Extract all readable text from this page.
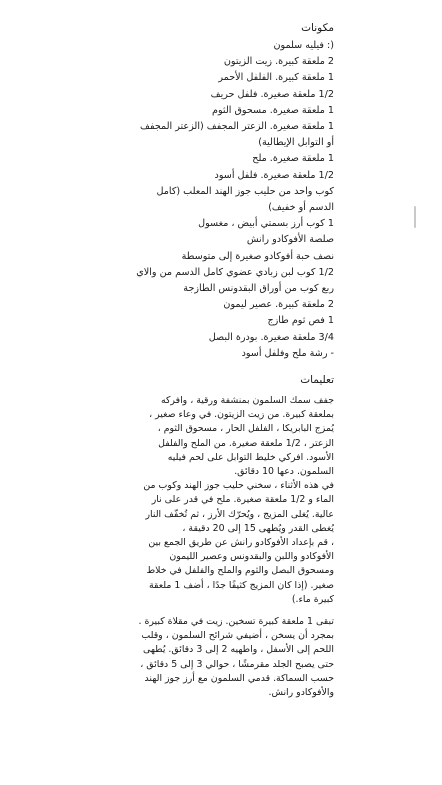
مكونات
(: فيليه سلمون
2 ملعقة كبيرة. زيت الزيتون
1 ملعقة كبيرة. الفلفل الأحمر
1/2 ملعقة صغيرة. فلفل حريف
1 ملعقة صغيرة. مسحوق الثوم
1 ملعقة صغيرة. الزعتر المجفف (الزعتر المجفف
أو التوابل الإيطالية)
1 ملعقة صغيرة. ملح
1/2 ملعقة صغيرة. فلفل أسود
كوب واحد من حليب جوز الهند المعلب (كامل
الدسم أو خفيف)
1 كوب أرز بسمتي أبيض ، مغسول
صلصة الأفوكادو رانش
نصف حبة أفوكادو صغيرة إلى متوسطة
1/2 كوب لبن زبادي عضوي كامل الدسم من والاي
ربع كوب من أوراق البقدونس الطازجة
2 ملعقة كبيرة. عصير ليمون
1 فص ثوم طازج
3/4 ملعقة صغيرة. بودرة البصل
- رشة ملح وفلفل أسود
تعليمات
جفف سمك السلمون بمنشفة ورقية ، وافركه
بملعقة كبيرة. من زيت الزيتون. في وعاء صغير ،
يُمزج البابريكا ، الفلفل الحار ، مسحوق الثوم ،
الزعتر ، 1/2 ملعقة صغيرة. من الملح والفلفل
الأسود. افركي خليط التوابل على لحم فيليه
السلمون. دعها 10 دقائق.
في هذه الأثناء ، سخني حليب جوز الهند وكوب من
الماء و 1/2 ملعقة صغيرة. ملح في قدر على نار
عالية. يُغلى المزيج ، ويُحرّك الأرز ، ثم تُخفّف النار
يُغطى القدر ويُطهى 15 إلى 20 دقيقة ،
، قم بإعداد الأفوكادو رانش عن طريق الجمع بين
الأفوكادو واللبن والبقدونس وعصير الليمون
ومسحوق البصل والثوم والملح والفلفل في خلاط
صغير. (إذا كان المزيج كثيفًا جدًا ، أضف 1 ملعقة
كبيرة ماء.)
تبقى 1 ملعقة كبيرة تسخين. زيت في مقلاة كبيرة .
بمجرد أن يسخن ، أضيفي شرائح السلمون ، وقلب
اللحم إلى الأسفل ، واطهيه 2 إلى 3 دقائق. يُطهى
حتى يصبح الجلد مقرمشًا ، حوالي 3 إلى 5 دقائق ،
حسب السماكة. قدمي السلمون مع أرز جوز الهند
والأفوكادو رانش.
